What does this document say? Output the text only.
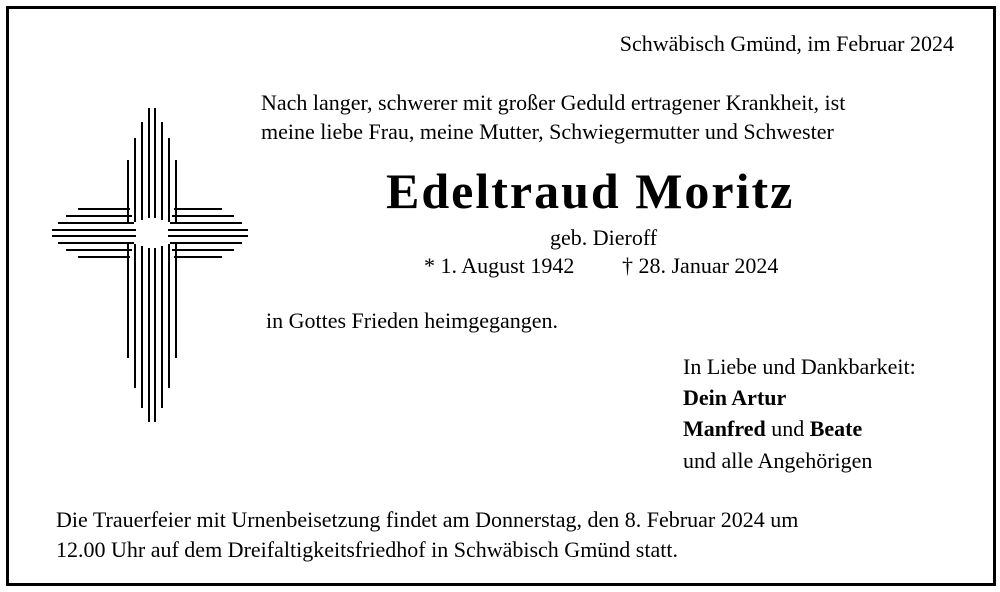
Schwäbisch Gmünd, im Februar 2024
Nach langer, schwerer mit großer Geduld ertragener Krankheit, ist
meine liebe Frau, meine Mutter, Schwiegermutter und Schwester
Edeltraud Moritz
geb. Dieroff
* 1. August 1942 † 28. Januar 2024
in Gottes Frieden heimgegangen.
In Liebe und Dankbarkeit:
Dein Artur
Manfred und Beate
und alle Angehörigen
Die Trauerfeier mit Urnenbeisetzung findet am Donnerstag, den 8. Februar 2024 um
12.00 Uhr auf dem Dreifaltigkeitsfriedhof in Schwäbisch Gmünd statt.
